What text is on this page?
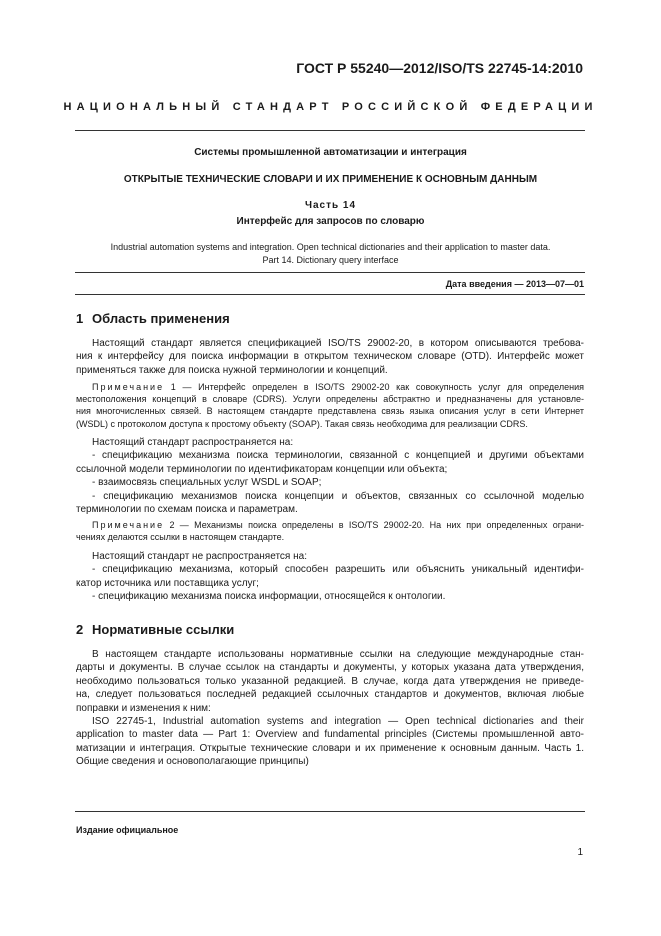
ГОСТ Р 55240—2012/ISO/TS 22745-14:2010
НАЦИОНАЛЬНЫЙ СТАНДАРТ РОССИЙСКОЙ ФЕДЕРАЦИИ
Системы промышленной автоматизации и интеграция
ОТКРЫТЫЕ ТЕХНИЧЕСКИЕ СЛОВАРИ И ИХ ПРИМЕНЕНИЕ К ОСНОВНЫМ ДАННЫМ
Часть 14
Интерфейс для запросов по словарю
Industrial automation systems and integration. Open technical dictionaries and their application to master data.
Part 14. Dictionary query interface
Дата введения — 2013—07—01
1 Область применения
Настоящий стандарт является спецификацией ISO/TS 29002-20, в котором описываются требова-
ния к интерфейсу для поиска информации в открытом техническом словаре (OTD). Интерфейс может
применяться также для поиска нужной терминологии и концепций.
Примечание 1 — Интерфейс определен в ISO/TS 29002-20 как совокупность услуг для определения
местоположения концепций в словаре (CDRS). Услуги определены абстрактно и предназначены для установле-
ния многочисленных связей. В настоящем стандарте представлена связь языка описания услуг в сети Интернет
(WSDL) с протоколом доступа к простому объекту (SOAP). Такая связь необходима для реализации CDRS.
Настоящий стандарт распространяется на:
- спецификацию механизма поиска терминологии, связанной с концепцией и другими объектами
ссылочной модели терминологии по идентификаторам концепции или объекта;
- взаимосвязь специальных услуг WSDL и SOAP;
- спецификацию механизмов поиска концепции и объектов, связанных со ссылочной моделью
терминологии по схемам поиска и параметрам.
Примечание 2 — Механизмы поиска определены в ISO/TS 29002-20. На них при определенных ограни-
чениях делаются ссылки в настоящем стандарте.
Настоящий стандарт не распространяется на:
- спецификацию механизма, который способен разрешить или объяснить уникальный идентифи-
катор источника или поставщика услуг;
- спецификацию механизма поиска информации, относящейся к онтологии.
2 Нормативные ссылки
В настоящем стандарте использованы нормативные ссылки на следующие международные стан-
дарты и документы. В случае ссылок на стандарты и документы, у которых указана дата утверждения,
необходимо пользоваться только указанной редакцией. В случае, когда дата утверждения не приведе-
на, следует пользоваться последней редакцией ссылочных стандартов и документов, включая любые
поправки и изменения к ним:
ISO 22745-1, Industrial automation systems and integration — Open technical dictionaries and their
application to master data — Part 1: Overview and fundamental principles (Системы промышленной авто-
матизации и интеграция. Открытые технические словари и их применение к основным данным. Часть 1.
Общие сведения и основополагающие принципы)
Издание официальное
1
